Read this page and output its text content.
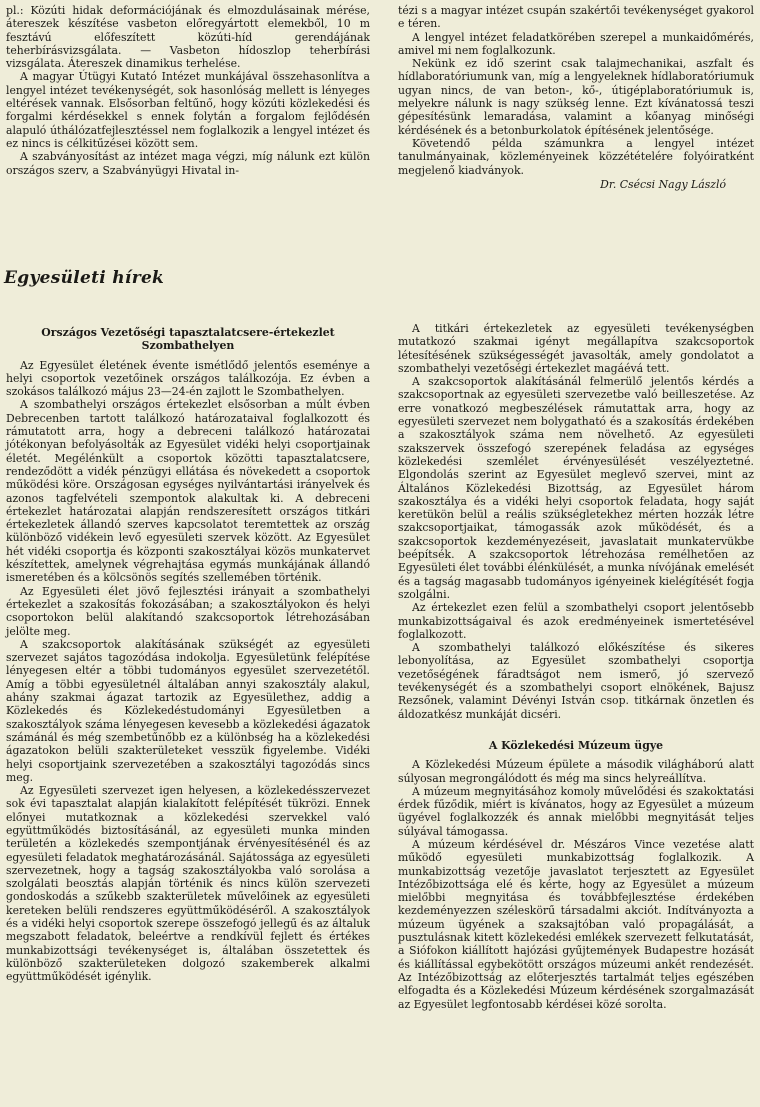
pl.: Közúti hidak deformációjának és elmozdulásainak mérése, átereszek készítése vasbeton előregyártott elemekből, 10 m fesztávú előfeszített közúti-híd gerendájának teherbírásvizsgálata. — Vasbeton hídoszlop teherbírási vizsgálata. Átereszek dinamikus terhelése.

A magyar Útügyi Kutató Intézet munkájával összehasonlítva a lengyel intézet tevékenységét, sok hasonlóság mellett is lényeges eltérések vannak. Elsősorban feltűnő, hogy közúti közlekedési és forgalmi kérdésekkel s ennek folytán a forgalom fejlődésén alapuló úthálózatfejlesztéssel nem foglalkozik a lengyel intézet és ez nincs is célkitűzései között sem.

A szabványosítást az intézet maga végzi, míg nálunk ezt külön országos szerv, a Szabványügyi Hivatal in-

tézi s a magyar intézet csupán szakértői tevékenységet gyakorol e téren.

A lengyel intézet feladatkörében szerepel a munkaidőmérés, amivel mi nem foglalkozunk.

Nekünk ez idő szerint csak talajmechanikai, aszfalt és hídlaboratóriumunk van, míg a lengyeleknek hídlaboratóriumuk ugyan nincs, de van beton-, kő-, útigéplaboratóriumuk is, melyekre nálunk is nagy szükség lenne. Ezt kívánatossá teszi gépesítésünk lemaradása, valamint a kőanyag minőségi kérdésének és a betonburkolatok építésének jelentősége.

Követendő példa számunkra a lengyel intézet tanulmányainak, közleményeinek közzétételére folyóiratként megjelenő kiadványok.

Dr. Csécsi Nagy László
Egyesületi hírek
Országos Vezetőségi tapasztalatcsere-értekezlet Szombathelyen

Az Egyesület életének évente ismétlődő jelentős eseménye a helyi csoportok vezetőinek országos találkozója. Ez évben a szokásos találkozó május 23—24-én zajlott le Szombathelyen.

A szombathelyi országos értekezlet elsősorban a múlt évben Debrecenben tartott találkozó határozataival foglalkozott és rámutatott arra, hogy a debreceni találkozó határozatai jótékonyan befolyásolták az Egyesület vidéki helyi csoportjainak életét. Megélénkült a csoportok közötti tapasztalatcsere, rendeződött a vidék pénzügyi ellátása és növekedett a csoportok működési köre. Országosan egységes nyilvántartási irányelvek és azonos tagfelvételi szempontok alakultak ki. A debreceni értekezlet határozatai alapján rendszeresített országos titkári értekezletek állandó szerves kapcsolatot teremtettek az ország különböző vidékein levő egyesületi szervek között. Az Egyesület hét vidéki csoportja és központi szakosztályai közös munkatervet készítettek, amelynek végrehajtása egymás munkájának állandó ismeretében és a kölcsönös segítés szellemében történik.

Az Egyesületi élet jövő fejlesztési irányait a szombathelyi értekezlet a szakosítás fokozásában; a szakosztályokon és helyi csoportokon belül alakítandó szakcsoportok létrehozásában jelölte meg.

A szakcsoportok alakításának szükségét az egyesületi szervezet sajátos tagozódása indokolja. Egyesületünk felépítése lényegesen eltér a többi tudományos egyesület szervezetétől. Amíg a többi egyesületnél általában annyi szakosztály alakul, ahány szakmai ágazat tartozik az Egyesülethez, addig a Közlekedés és Közlekedéstudományi Egyesületben a szakosztályok száma lényegesen kevesebb a közlekedési ágazatok számánál és még szembetűnőbb ez a különbség ha a közlekedési ágazatokon belüli szakterületeket vesszük figyelembe. Vidéki helyi csoportjaink szervezetében a szakosztályi tagozódás sincs meg.

Az Egyesületi szervezet igen helyesen, a közlekedésszervezet sok évi tapasztalat alapján kialakított felépítését tükrözi. Ennek előnyei mutatkoznak a közlekedési szervekkel való együttműködés biztosításánál, az egyesületi munka minden területén a közlekedés szempontjának érvényesítésénél és az egyesületi feladatok meghatározásánál. Sajátossága az egyesületi szervezetnek, hogy a tagság szakosztályokba való sorolása a szolgálati beosztás alapján történik és nincs külön szervezeti gondoskodás a szűkebb szakterületek művelőinek az egyesületi kereteken belüli rendszeres együttműködéséről. A szakosztályok és a vidéki helyi csoportok szerepe összefogó jellegű és az általuk megszabott feladatok, beleértve a rendkívül fejlett és értékes munkabizottsági tevékenységet is, általában összetettek és különböző szakterületeken dolgozó szakemberek alkalmi együttműködését igénylik.

A titkári értekezletek az egyesületi tevékenységben mutatkozó szakmai igényt megállapítva szakcsoportok létesítésének szükségességét javasolták, amely gondolatot a szombathelyi vezetőségi értekezlet magáévá tett.

A szakcsoportok alakításánál felmerülő jelentős kérdés a szakcsoportnak az egyesületi szervezetbe való beilleszetése. Az erre vonatkozó megbeszélések rámutattak arra, hogy az egyesületi szervezet nem bolygatható és a szakosítás érdekében a szakosztályok száma nem növelhető. Az egyesületi szakszervek összefogó szerepének feladása az egységes közlekedési szemlélet érvényesülését veszélyeztetné. Elgondolás szerint az Egyesület meglevő szervei, mint az Általános Közlekedési Bizottság, az Egyesület három szakosztálya és a vidéki helyi csoportok feladata, hogy saját keretükön belül a reális szükségletekhez mérten hozzák létre szakcsoportjaikat, támogassák azok működését, és a szakcsoportok kezdeményezéseit, javaslatait munkatervükbe beépítsék. A szakcsoportok létrehozása remélhetően az Egyesületi élet további élénkülését, a munka nívójának emelését és a tagság magasabb tudományos igényeinek kielégítését fogja szolgálni.

Az értekezlet ezen felül a szombathelyi csoport jelentősebb munkabizottságaival és azok eredményeinek ismertetésével foglalkozott.

A szombathelyi találkozó előkészítése és sikeres lebonyolítása, az Egyesület szombathelyi csoportja vezetőségének fáradtságot nem ismerő, jó szervező tevékenységét és a szombathelyi csoport elnökének, Bajusz Rezsőnek, valamint Dévényi István csop. titkárnak önzetlen és áldozatkész munkáját dicséri.

A Közlekedési Múzeum ügye

A Közlekedési Múzeum épülete a második világháború alatt súlyosan megrongálódott és még ma sincs helyreállítva.

A múzeum megnyitásához komoly művelődési és szakoktatási érdek fűződik, miért is kívánatos, hogy az Egyesület a múzeum ügyével foglalkozzék és annak mielőbbi megnyitását teljes súlyával támogassa.

A múzeum kérdésével dr. Mészáros Vince vezetése alatt működő egyesületi munkabizottság foglalkozik. A munkabizottság vezetője javaslatot terjesztett az Egyesület Intézőbizottsága elé és kérte, hogy az Egyesület a múzeum mielőbbi megnyitása és továbbfejlesztése érdekében kezdeményezzen széleskörű társadalmi akciót. Indítványozta a múzeum ügyének a szaksajtóban való propagálását, a pusztulásnak kitett közlekedési emlékek szervezett felkutatását, a Siófokon kiállított hajózási gyűjtemények Budapestre hozását és kiállítással egybekötött országos múzeumi ankét rendezését. Az Intézőbizottság az előterjesztés tartalmát teljes egészében elfogadta és a Közlekedési Múzeum kérdésének szorgalmazását az Egyesület legfontosabb kérdései közé sorolta.
